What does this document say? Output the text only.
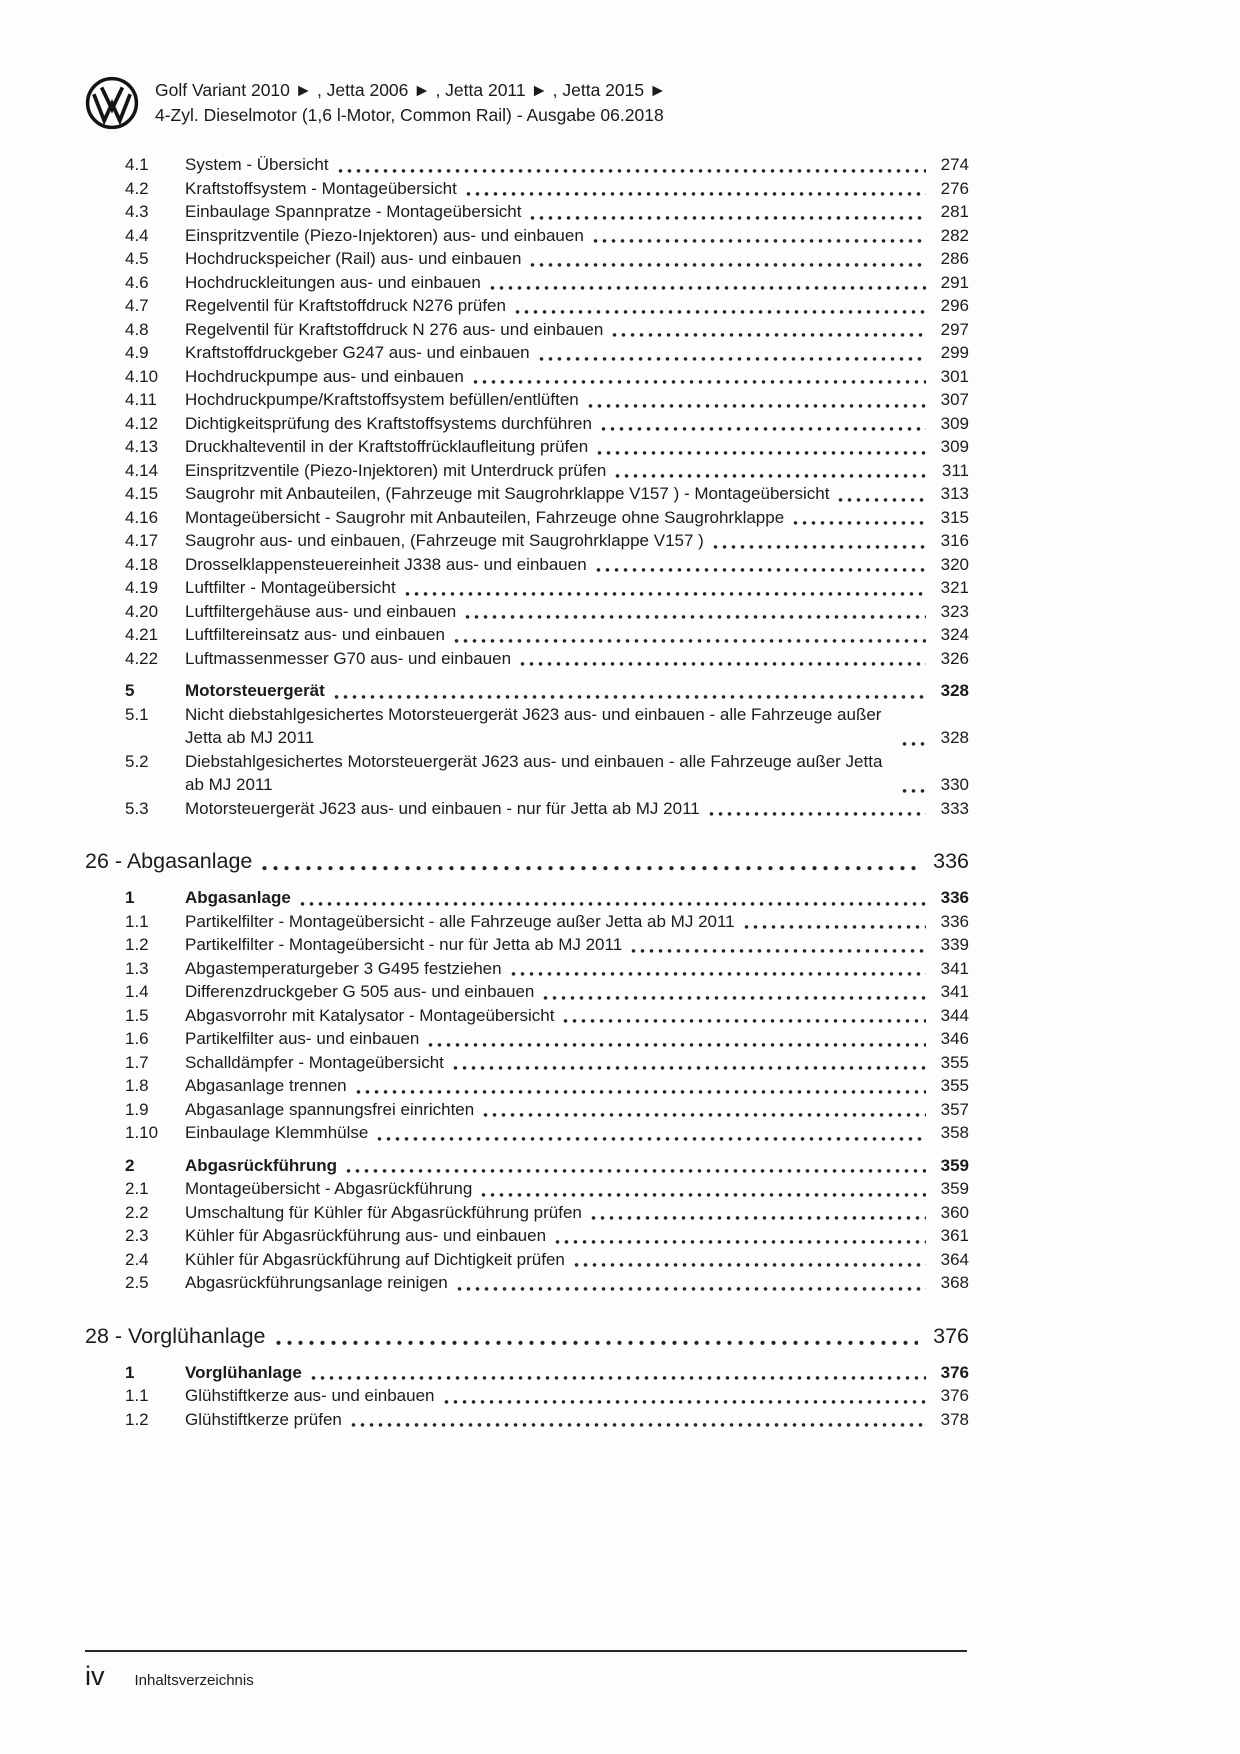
Golf Variant 2010 ► , Jetta 2006 ► , Jetta 2011 ► , Jetta 2015 ►
4-Zyl. Dieselmotor (1,6 l-Motor, Common Rail) - Ausgabe 06.2018
4.1	System - Übersicht	274
4.2	Kraftstoffsystem - Montageübersicht	276
4.3	Einbaulage Spannpratze - Montageübersicht	281
4.4	Einspritzventile (Piezo-Injektoren) aus- und einbauen	282
4.5	Hochdruckspeicher (Rail) aus- und einbauen	286
4.6	Hochdruckleitungen aus- und einbauen	291
4.7	Regelventil für Kraftstoffdruck N276 prüfen	296
4.8	Regelventil für Kraftstoffdruck N 276 aus- und einbauen	297
4.9	Kraftstoffdruckgeber G247 aus- und einbauen	299
4.10	Hochdruckpumpe aus- und einbauen	301
4.11	Hochdruckpumpe/Kraftstoffsystem befüllen/entlüften	307
4.12	Dichtigkeitsprüfung des Kraftstoffsystems durchführen	309
4.13	Druckhalteventil in der Kraftstoffrücklaufleitung prüfen	309
4.14	Einspritzventile (Piezo-Injektoren) mit Unterdruck prüfen	311
4.15	Saugrohr mit Anbauteilen, (Fahrzeuge mit Saugrohrklappe V157 ) - Montageübersicht	313
4.16	Montageübersicht - Saugrohr mit Anbauteilen, Fahrzeuge ohne Saugrohrklappe	315
4.17	Saugrohr aus- und einbauen, (Fahrzeuge mit Saugrohrklappe V157 )	316
4.18	Drosselklappensteuereinheit J338 aus- und einbauen	320
4.19	Luftfilter - Montageübersicht	321
4.20	Luftfiltergehäuse aus- und einbauen	323
4.21	Luftfiltereinsatz aus- und einbauen	324
4.22	Luftmassenmesser G70 aus- und einbauen	326
5	Motorsteuergerät	328
5.1	Nicht diebstahlgesichertes Motorsteuergerät J623 aus- und einbauen - alle Fahrzeuge außer Jetta ab MJ 2011	328
5.2	Diebstahlgesichertes Motorsteuergerät J623 aus- und einbauen - alle Fahrzeuge außer Jetta ab MJ 2011	330
5.3	Motorsteuergerät J623 aus- und einbauen - nur für Jetta ab MJ 2011	333
26 - Abgasanlage	336
1	Abgasanlage	336
1.1	Partikelfilter - Montageübersicht - alle Fahrzeuge außer Jetta ab MJ 2011	336
1.2	Partikelfilter - Montageübersicht - nur für Jetta ab MJ 2011	339
1.3	Abgastemperaturgeber 3 G495 festziehen	341
1.4	Differenzdruckgeber G 505 aus- und einbauen	341
1.5	Abgasvorrohr mit Katalysator - Montageübersicht	344
1.6	Partikelfilter aus- und einbauen	346
1.7	Schalldämpfer - Montageübersicht	355
1.8	Abgasanlage trennen	355
1.9	Abgasanlage spannungsfrei einrichten	357
1.10	Einbaulage Klemmhülse	358
2	Abgasrückführung	359
2.1	Montageübersicht - Abgasrückführung	359
2.2	Umschaltung für Kühler für Abgasrückführung prüfen	360
2.3	Kühler für Abgasrückführung aus- und einbauen	361
2.4	Kühler für Abgasrückführung auf Dichtigkeit prüfen	364
2.5	Abgasrückführungsanlage reinigen	368
28 - Vorglühanlage	376
1	Vorglühanlage	376
1.1	Glühstiftkerze aus- und einbauen	376
1.2	Glühstiftkerze prüfen	378
iv Inhaltsverzeichnis
